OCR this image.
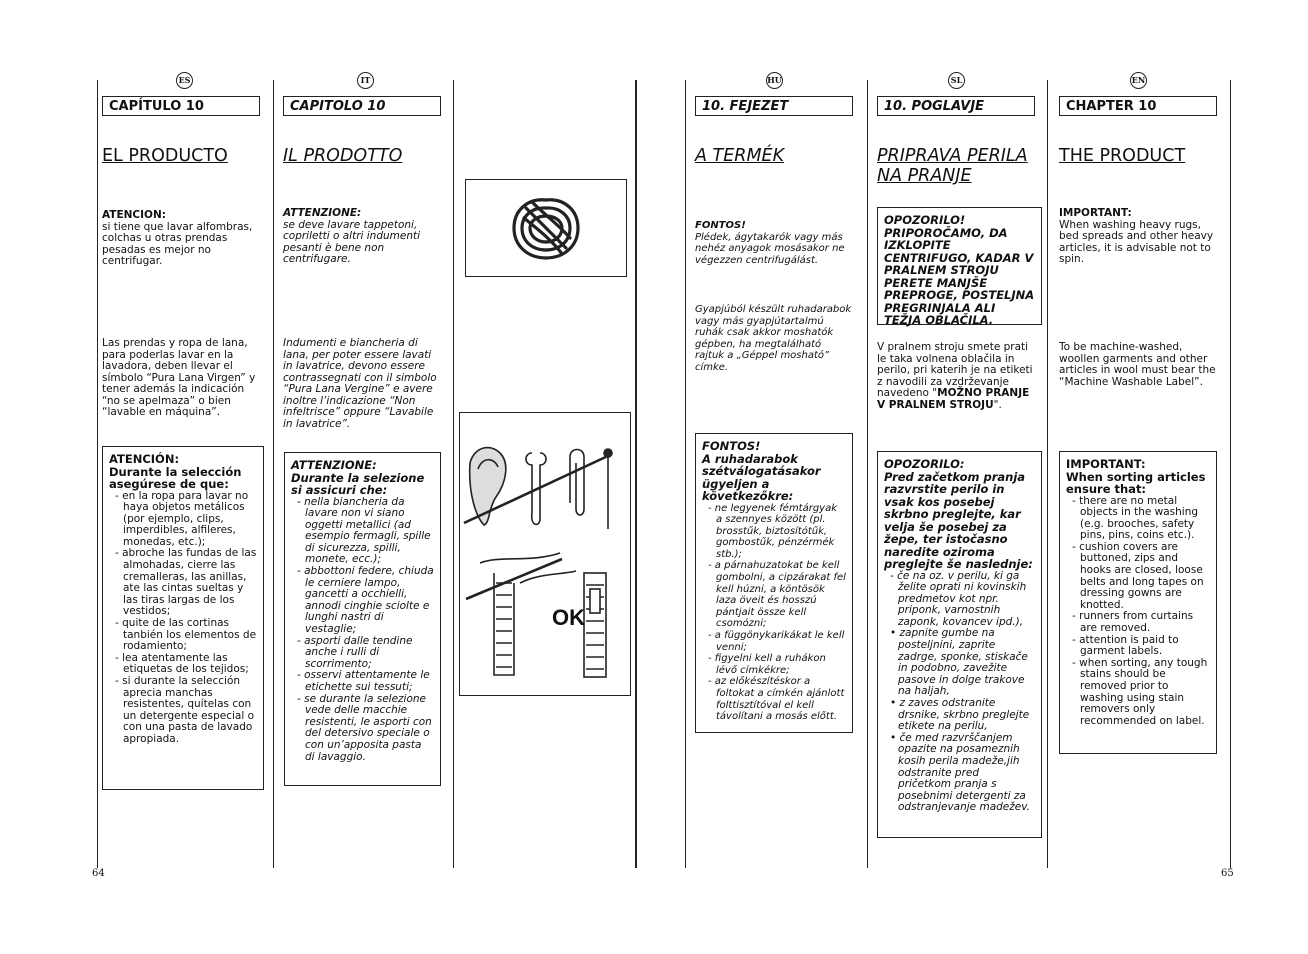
ES	IT	HU	SL	EN
CAPÍTULO 10
EL PRODUCTO
ATENCION:
si tiene que lavar alfombras, colchas u otras prendas pesadas es mejor no centrifugar.
Las prendas y ropa de lana, para poderlas lavar en la lavadora, deben llevar el símbolo “Pura Lana Virgen” y tener además la indicación “no se apelmaza” o bien “lavable en máquina”.
ATENCIÓN:
Durante la selección asegúrese de que:
- en la ropa para lavar no haya objetos metálicos (por ejemplo, clips, imperdibles, alfileres, monedas, etc.);
- abroche las fundas de las almohadas, cierre las cremalleras, las anillas, ate las cintas sueltas y las tiras largas de los vestidos;
- quite de las cortinas tanbién los elementos de rodamiento;
- lea atentamente las etiquetas de los tejidos;
- si durante la selección aprecia manchas resistentes, quítelas con un detergente especial o con una pasta de lavado apropiada.
CAPITOLO 10
IL PRODOTTO
ATTENZIONE:
se deve lavare tappetoni, copriletti o altri indumenti pesanti è bene non centrifugare.
Indumenti e biancheria di lana, per poter essere lavati in lavatrice, devono essere contrassegnati con il simbolo “Pura Lana Vergine” e avere inoltre l’indicazione “Non infeltrisce” oppure “Lavabile in lavatrice”.
ATTENZIONE:
Durante la selezione si assicuri che:
- nella biancheria da lavare non vi siano oggetti metallici (ad esempio fermagli, spille di sicurezza, spilli, monete, ecc.);
- abbottoni federe, chiuda le cerniere lampo, gancetti a occhielli, annodi cinghie sciolte e lunghi nastri di vestaglie;
- asporti dalle tendine anche i rulli di scorrimento;
- osservi attentamente le etichette sui tessuti;
- se durante la selezione vede delle macchie resistenti, le asporti con del detersivo speciale o con un’apposita pasta di lavaggio.
OK
10. FEJEZET
A TERMÉK
FONTOS!
Plédek, ágytakarók vagy más nehéz anyagok mosásakor ne végezzen centrifugálást.
Gyapjúból készült ruhadarabok vagy más gyapjútartalmú ruhák csak akkor moshatók gépben, ha megtalálható rajtuk a „Géppel mosható” címke.
FONTOS!
A ruhadarabok szétválogatásakor ügyeljen a következőkre:
- ne legyenek fémtárgyak a szennyes között (pl. brosstűk, biztosítótűk, gombostűk, pénzérmék stb.);
- a párnahuzatokat be kell gombolni, a cipzárakat fel kell húzni, a köntösök laza öveit és hosszú pántjait össze kell csomózni;
- a függönykarikákat le kell venni;
- figyelni kell a ruhákon lévő címkékre;
- az előkészítéskor a foltokat a címkén ajánlott folttisztítóval el kell távolítani a mosás előtt.
10. POGLAVJE
PRIPRAVA PERILA NA PRANJE
V pralnem stroju smete prati le taka volnena oblačila in perilo, pri katerih je na etiketi z navodili za vzdrževanje navedeno "MOŽNO PRANJE V PRALNEM STROJU".
OPOZORILO! PRIPOROČAMO, DA IZKLOPITE CENTRIFUGO, KADAR V PRALNEM STROJU PERETE MANJŠE PREPROGE, POSTELJNA PREGRINJALA ALI TEŽJA OBLAČILA.
OPOZORILO:
Pred začetkom pranja razvrstite perilo in vsak kos posebej skrbno preglejte, kar velja še posebej za žepe, ter istočasno naredite oziroma preglejte še naslednje:
- če na oz. v perilu, ki ga želite oprati ni kovinskih predmetov kot npr. priponk, varnostnih zaponk, kovancev ipd.),
• zapnite gumbe na posteljnini, zaprite zadrge, sponke, stiskače in podobno, zavežite pasove in dolge trakove na haljah,
• z zaves odstranite drsnike, skrbno preglejte etikete na perilu,
• če med razvrščanjem opazite na posameznih kosih perila madeže,jih odstranite pred pričetkom pranja s posebnimi detergenti za odstranjevanje madežev.
CHAPTER 10
THE PRODUCT
IMPORTANT:
When washing heavy rugs, bed spreads and other heavy articles, it is advisable not to spin.
To be machine-washed, woollen garments and other articles in wool must bear the “Machine Washable Label”.
IMPORTANT:
When sorting articles ensure that:
- there are no metal objects in the washing (e.g. brooches, safety pins, pins, coins etc.).
- cushion covers are buttoned, zips and hooks are closed, loose belts and long tapes on dressing gowns are knotted.
- runners from curtains are removed.
- attention is paid to garment labels.
- when sorting, any tough stains should be removed prior to washing using stain removers only recommended on label.
64	65
